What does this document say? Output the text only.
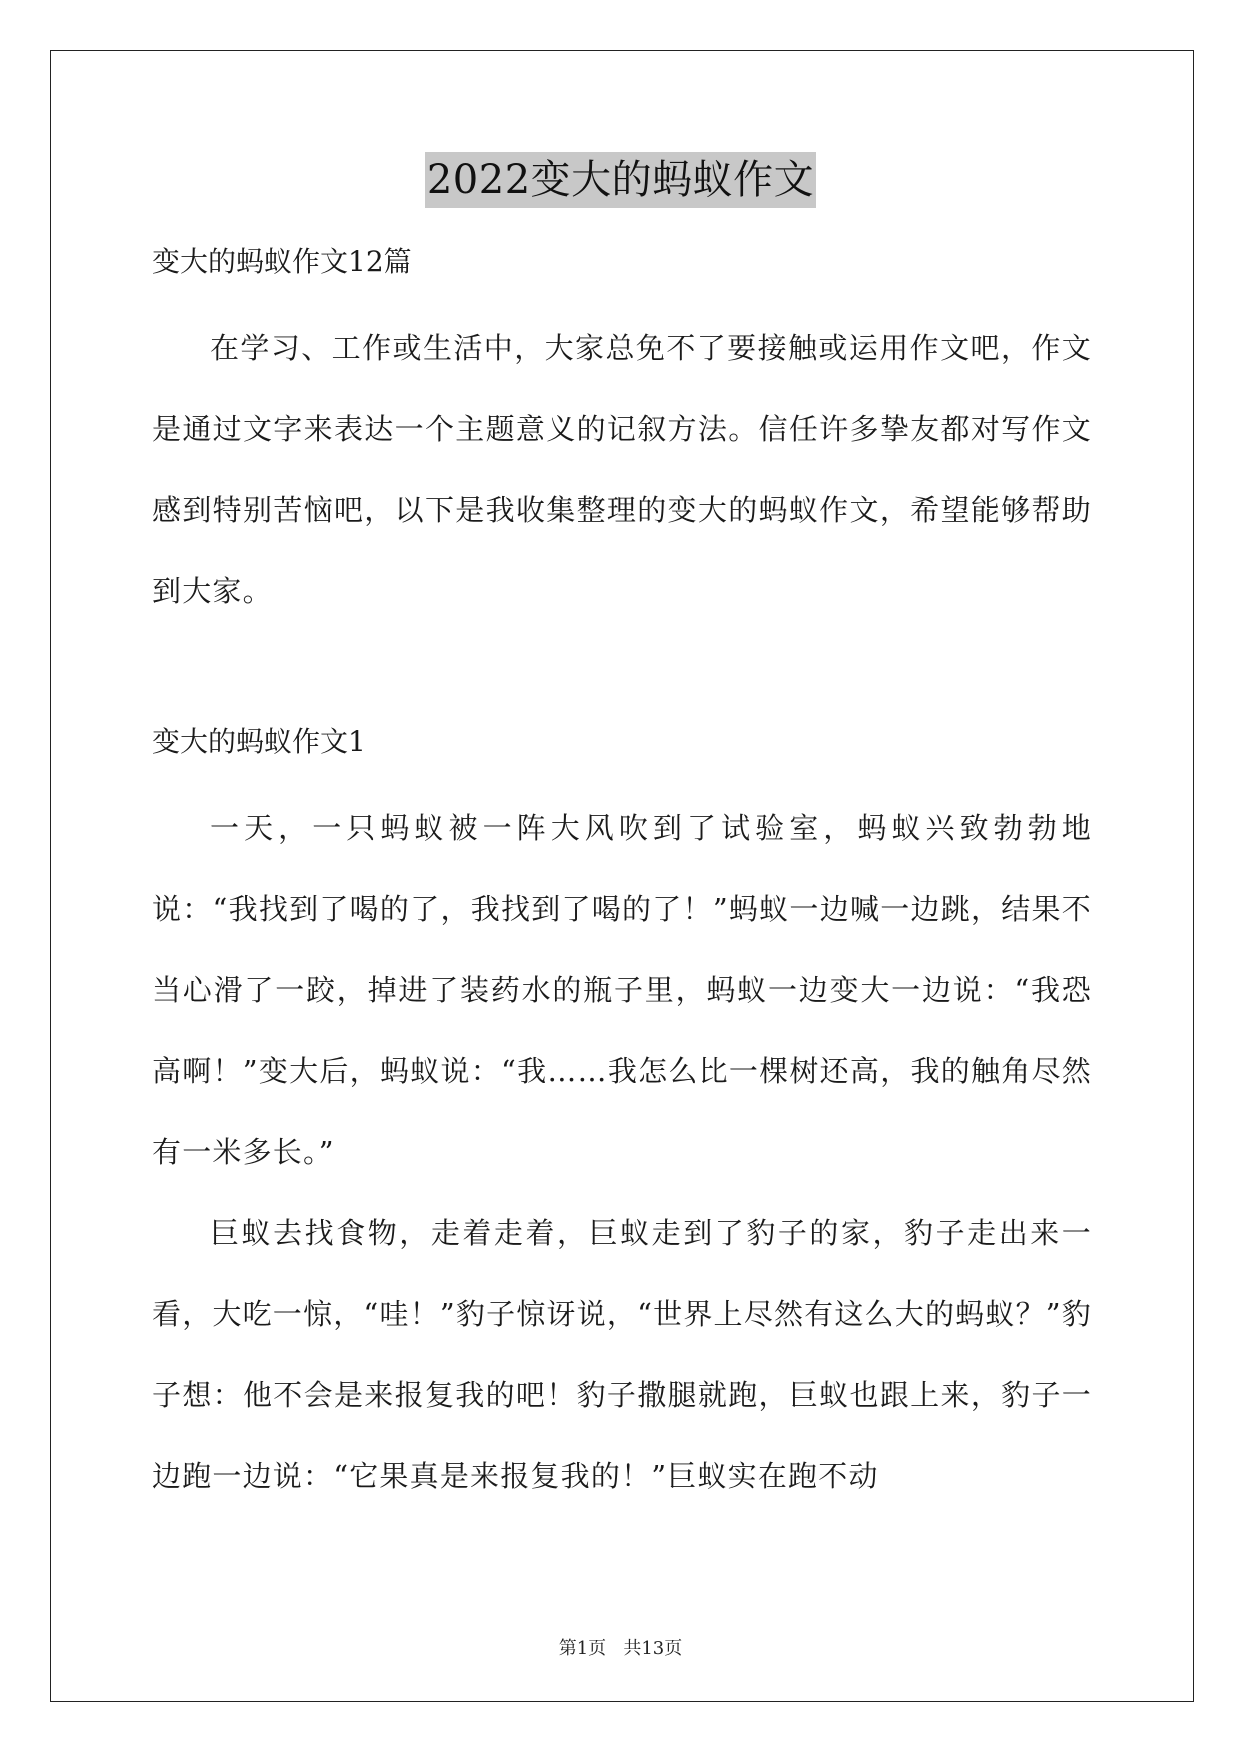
2022变大的蚂蚁作文

变大的蚂蚁作文12篇

在学习、工作或生活中，大家总免不了要接触或运用作文吧，作文是通过文字来表达一个主题意义的记叙方法。信任许多挚友都对写作文感到特别苦恼吧，以下是我收集整理的变大的蚂蚁作文，希望能够帮助到大家。

变大的蚂蚁作文1

一天，一只蚂蚁被一阵大风吹到了试验室，蚂蚁兴致勃勃地说：“我找到了喝的了，我找到了喝的了！”蚂蚁一边喊一边跳，结果不当心滑了一跤，掉进了装药水的瓶子里，蚂蚁一边变大一边说：“我恐高啊！”变大后，蚂蚁说：“我……我怎么比一棵树还高，我的触角尽然有一米多长。”

巨蚁去找食物，走着走着，巨蚁走到了豹子的家，豹子走出来一看，大吃一惊，“哇！”豹子惊讶说，“世界上尽然有这么大的蚂蚁？”豹子想：他不会是来报复我的吧！豹子撒腿就跑，巨蚁也跟上来，豹子一边跑一边说：“它果真是来报复我的！”巨蚁实在跑不动

第1页   共13页
